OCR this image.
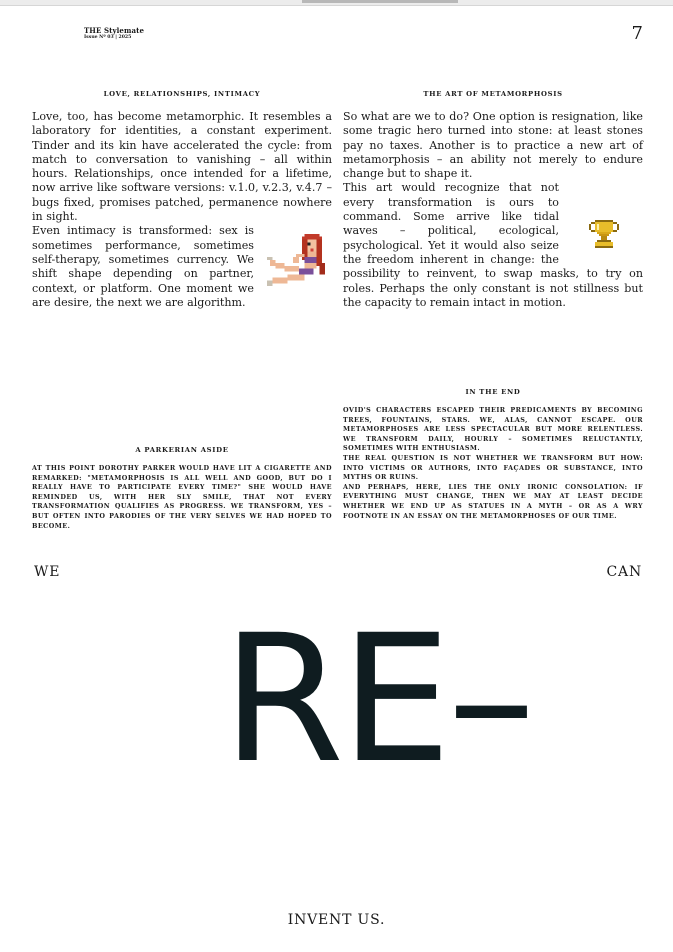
THE Stylemate
Issue Nº 03 | 2025	7
LOVE, RELATIONSHIPS, INTIMACY

Love, too, has become metamorphic. It resembles a laboratory for identities, a constant experiment. Tinder and its kin have accelerated the cycle: from match to conversation to vanishing – all within hours. Relationships, once intended for a lifetime, now arrive like software versions: v.1.0, v.2.3, v.4.7 – bugs fixed, promises patched, permanence nowhere in sight.

Even intimacy is transformed: sex is sometimes performance, sometimes self-therapy, sometimes currency. We shift shape depending on partner, context, or platform. One moment we are desire, the next we are algorithm.

THE ART OF METAMORPHOSIS

So what are we to do? One option is resignation, like some tragic hero turned into stone: at least stones pay no taxes. Another is to practice a new art of metamorphosis – an ability not merely to endure change but to shape it.

This art would recognize that not every transformation is ours to command. Some arrive like tidal waves – political, ecological, psychological. Yet it would also seize the freedom inherent in change: the possibility to reinvent, to swap masks, to try on roles. Perhaps the only constant is not stillness but the capacity to remain intact in motion.

IN THE END

OVID'S CHARACTERS ESCAPED THEIR PREDICAMENTS BY BECOMING TREES, FOUNTAINS, STARS. WE, ALAS, CANNOT ESCAPE. OUR METAMORPHOSES ARE LESS SPECTACULAR BUT MORE RELENTLESS. WE TRANSFORM DAILY, HOURLY – SOMETIMES RELUCTANTLY, SOMETIMES WITH ENTHUSIASM.

THE REAL QUESTION IS NOT WHETHER WE TRANSFORM BUT HOW: INTO VICTIMS OR AUTHORS, INTO FAÇADES OR SUBSTANCE, INTO MYTHS OR RUINS.

AND PERHAPS, HERE, LIES THE ONLY IRONIC CONSOLATION: IF EVERYTHING MUST CHANGE, THEN WE MAY AT LEAST DECIDE WHETHER WE END UP AS STATUES IN A MYTH – OR AS A WRY FOOTNOTE IN AN ESSAY ON THE METAMORPHOSES OF OUR TIME.

A PARKERIAN ASIDE

AT THIS POINT DOROTHY PARKER WOULD HAVE LIT A CIGARETTE AND REMARKED: "METAMORPHOSIS IS ALL WELL AND GOOD, BUT DO I REALLY HAVE TO PARTICIPATE EVERY TIME?" SHE WOULD HAVE REMINDED US, WITH HER SLY SMILE, THAT NOT EVERY TRANSFORMATION QUALIFIES AS PROGRESS. WE TRANSFORM, YES – BUT OFTEN INTO PARODIES OF THE VERY SELVES WE HAD HOPED TO BECOME.

WE	CAN
RE–
INVENT US.
